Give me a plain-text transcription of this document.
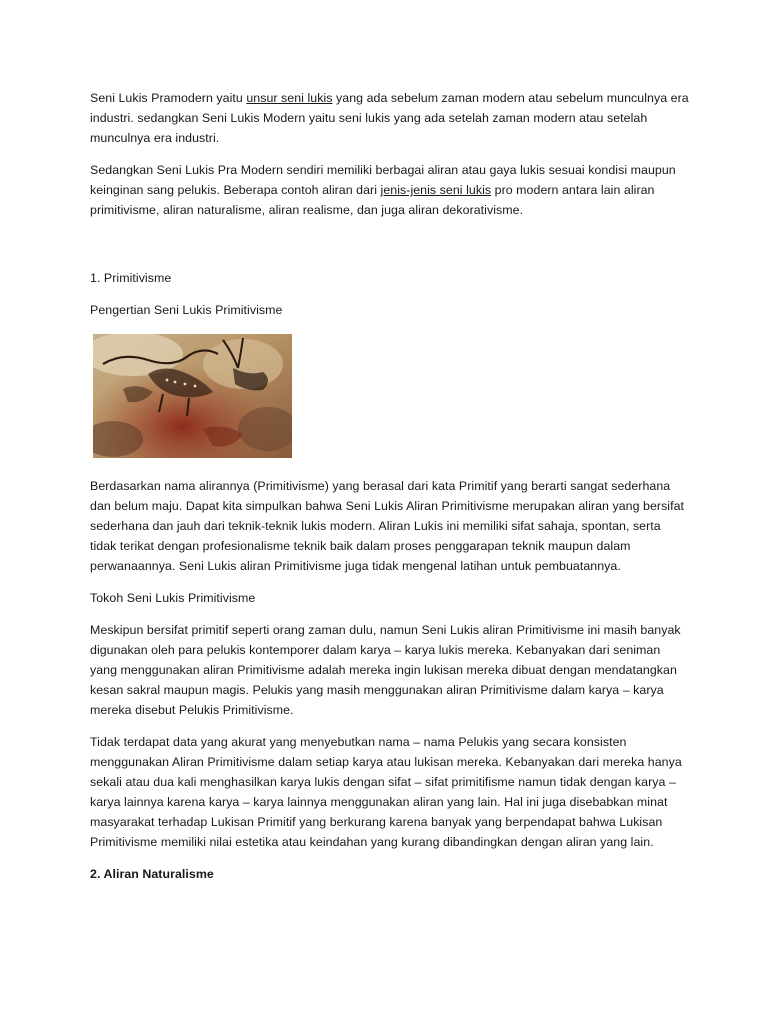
Seni Lukis Pramodern yaitu unsur seni lukis yang ada sebelum zaman modern atau sebelum munculnya era industri. sedangkan Seni Lukis Modern yaitu seni lukis yang ada setelah zaman modern atau setelah munculnya era industri.

Sedangkan Seni Lukis Pra Modern sendiri memiliki berbagai aliran atau gaya lukis sesuai kondisi maupun keinginan sang pelukis. Beberapa contoh aliran dari jenis-jenis seni lukis pro modern antara lain aliran primitivisme, aliran naturalisme, aliran realisme, dan juga aliran dekorativisme.

1. Primitivisme

Pengertian Seni Lukis Primitivisme

Berdasarkan nama alirannya (Primitivisme) yang berasal dari kata Primitif yang berarti sangat sederhana dan belum maju. Dapat kita simpulkan bahwa Seni Lukis Aliran Primitivisme merupakan aliran yang bersifat sederhana dan jauh dari teknik-teknik lukis modern. Aliran Lukis ini memiliki sifat sahaja, spontan, serta tidak terikat dengan profesionalisme teknik baik dalam proses penggarapan teknik maupun dalam perwanaannya. Seni Lukis aliran Primitivisme juga tidak mengenal latihan untuk pembuatannya.

Tokoh Seni Lukis Primitivisme

Meskipun bersifat primitif seperti orang zaman dulu, namun Seni Lukis aliran Primitivisme ini masih banyak digunakan oleh para pelukis kontemporer dalam karya – karya lukis mereka. Kebanyakan dari seniman yang menggunakan aliran Primitivisme adalah mereka ingin lukisan mereka dibuat dengan mendatangkan kesan sakral maupun magis. Pelukis yang masih menggunakan aliran Primitivisme dalam karya – karya mereka disebut Pelukis Primitivisme.

Tidak terdapat data yang akurat yang menyebutkan nama – nama Pelukis yang secara konsisten menggunakan Aliran Primitivisme dalam setiap karya atau lukisan mereka. Kebanyakan dari mereka hanya sekali atau dua kali menghasilkan karya lukis dengan sifat – sifat primitifisme namun tidak dengan karya – karya lainnya karena karya – karya lainnya menggunakan aliran yang lain. Hal ini juga disebabkan minat masyarakat terhadap Lukisan Primitif yang berkurang karena banyak yang berpendapat bahwa Lukisan Primitivisme memiliki nilai estetika atau keindahan yang kurang dibandingkan dengan aliran yang lain.

2. Aliran Naturalisme
